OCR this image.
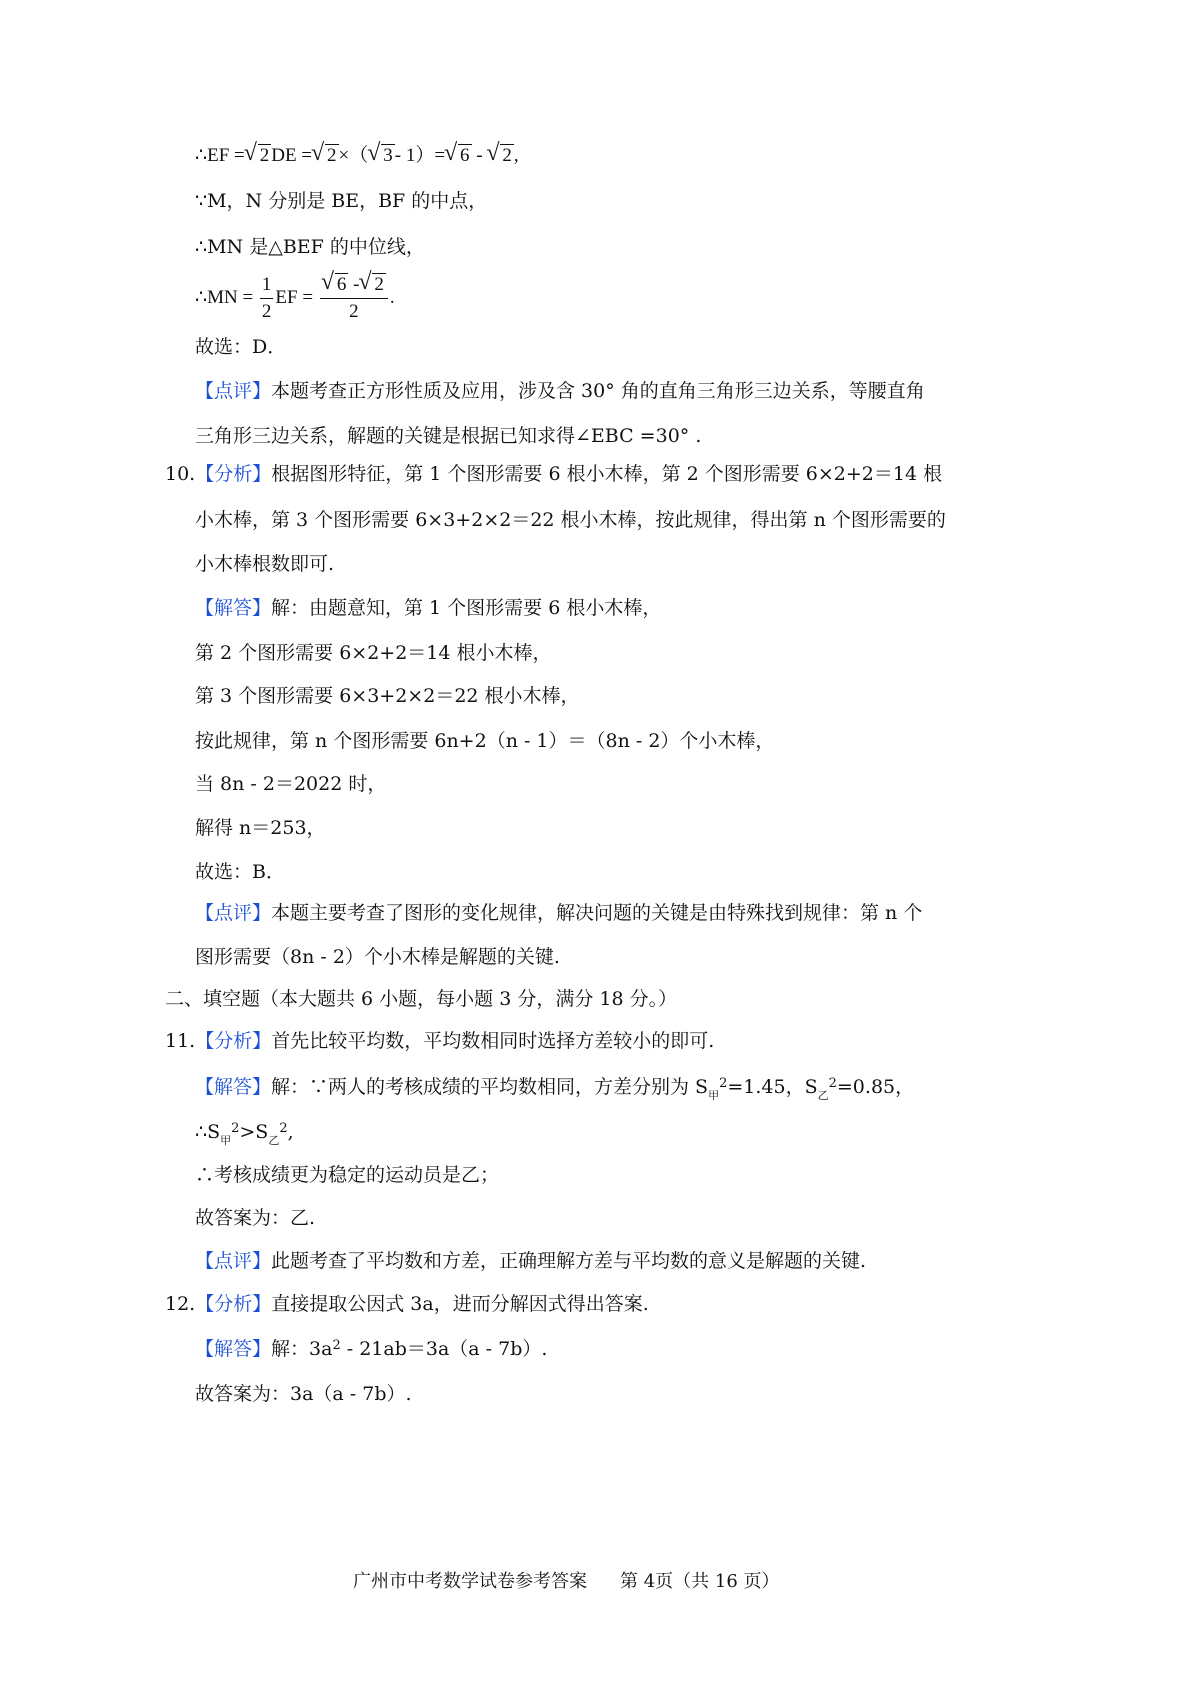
∴EF = √ 2 DE = √ 2 ×（ √ 3 - 1）= √ 6 - √ 2 ,
∵M，N 分别是 BE，BF 的中点，
∴MN 是△BEF 的中位线，
∴MN = $\frac{1}{2}$ EF = √ $\frac{6 - √ 2}{2}$ .
故选：D．
【点评】本题考查正方形性质及应用，涉及含 30° 角的直角三角形三边关系，等腰直角
三角形三边关系，解题的关键是根据已知求得∠EBC =30° .
10.【分析】根据图形特征，第 1 个图形需要 6 根小木棒，第 2 个图形需要 6×2+2＝14 根
小木棒，第 3 个图形需要 6×3+2×2＝22 根小木棒，按此规律，得出第 n 个图形需要的
小木棒根数即可.
【解答】解：由题意知，第 1 个图形需要 6 根小木棒，
第 2 个图形需要 6×2+2＝14 根小木棒，
第 3 个图形需要 6×3+2×2＝22 根小木棒，
按此规律，第 n 个图形需要 6n+2（n - 1）＝（8n - 2）个小木棒，
当 8n - 2＝2022 时，
解得 n＝253，
故选：B．
【点评】本题主要考查了图形的变化规律，解决问题的关键是由特殊找到规律：第 n 个
图形需要（8n - 2）个小木棒是解题的关键.
二、填空题（本大题共 6 小题，每小题 3 分，满分 18 分。）
11.【分析】首先比较平均数，平均数相同时选择方差较小的即可.
【解答】解：∵两人的考核成绩的平均数相同，方差分别为 $S_甲^2=1.45$，$S_乙^2=0.85$，
$\therefore S_甲^2>S_乙^2$,
∴考核成绩更为稳定的运动员是乙；
故答案为：乙.
【点评】此题考查了平均数和方差，正确理解方差与平均数的意义是解题的关键.
12.【分析】直接提取公因式 3a，进而分解因式得出答案.
【解答】解：$3a^2 - 21ab=3a(a - 7b)$.
故答案为：3a（a - 7b）.
广州市中考数学试卷参考答案 第 4页（共 16 页）
